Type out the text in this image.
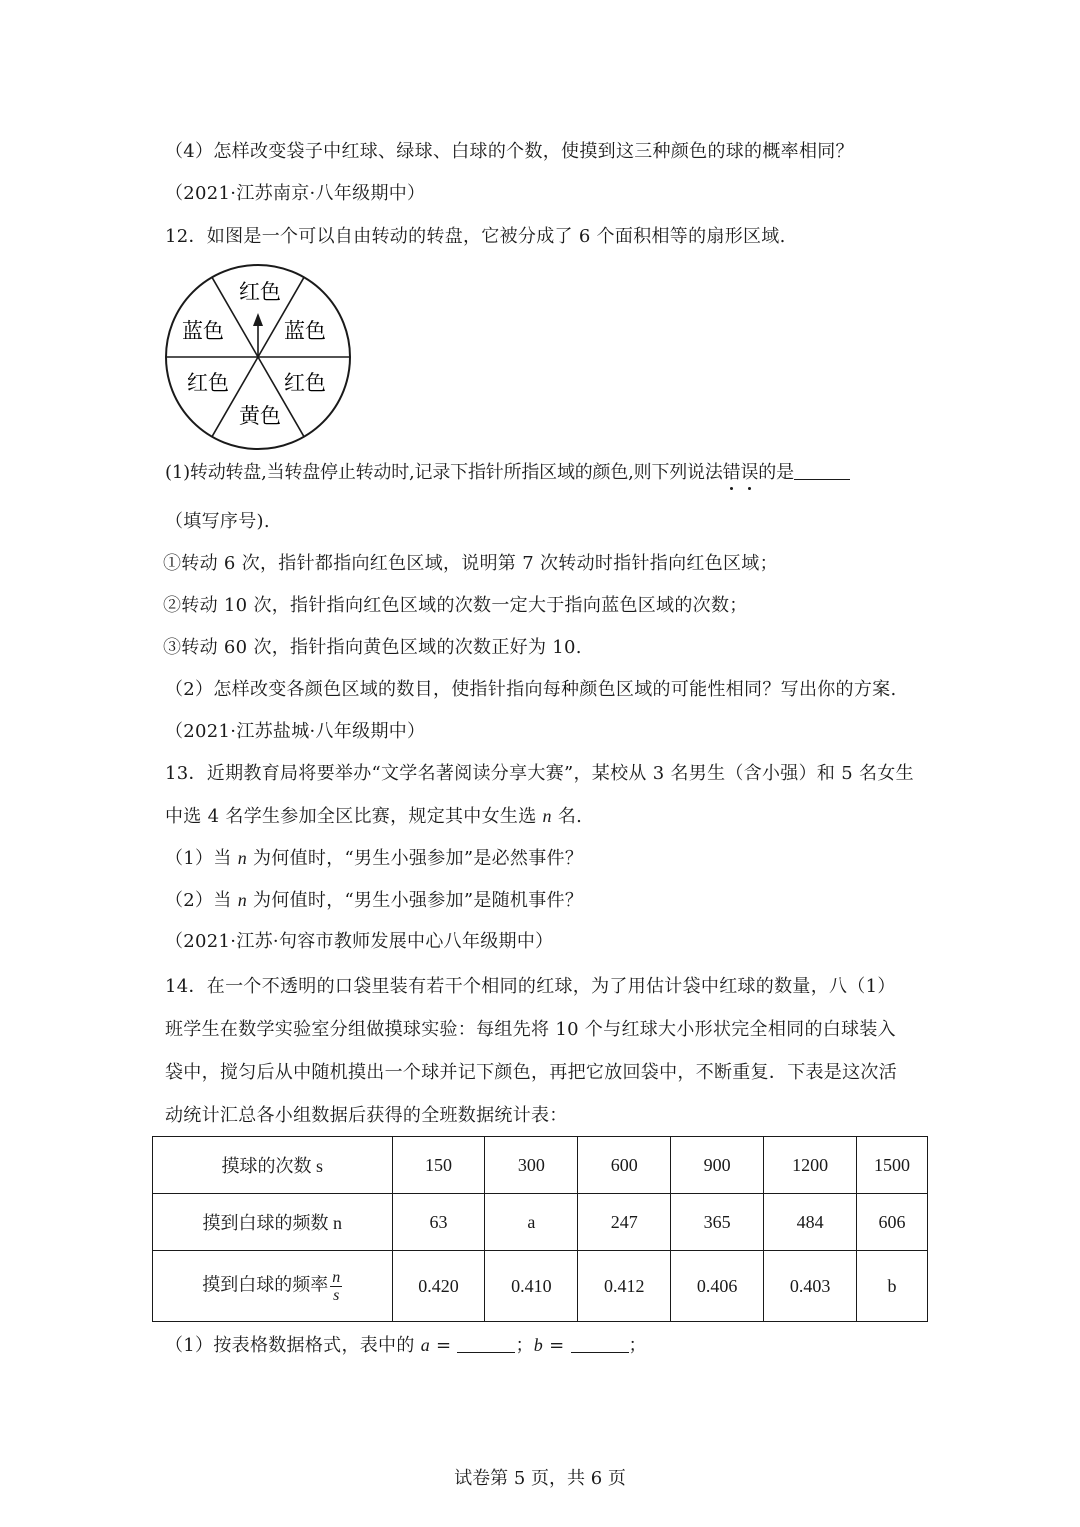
（4）怎样改变袋子中红球、绿球、白球的个数，使摸到这三种颜色的球的概率相同？
（2021·江苏南京·八年级期中）
12．如图是一个可以自由转动的转盘，它被分成了 6 个面积相等的扇形区域.
红色
蓝色
红色
黄色
红色
蓝色
(1)转动转盘,当转盘停止转动时,记录下指针所指区域的颜色,则下列说法错误的是
（填写序号).
①转动 6 次，指针都指向红色区域，说明第 7 次转动时指针指向红色区域；
②转动 10 次，指针指向红色区域的次数一定大于指向蓝色区域的次数；
③转动 60 次，指针指向黄色区域的次数正好为 10.
（2）怎样改变各颜色区域的数目，使指针指向每种颜色区域的可能性相同？写出你的方案.
（2021·江苏盐城·八年级期中）
13．近期教育局将要举办“文学名著阅读分享大赛”，某校从 3 名男生（含小强）和 5 名女生
中选 4 名学生参加全区比赛，规定其中女生选 n 名.
（1）当 n 为何值时，“男生小强参加”是必然事件？
（2）当 n 为何值时，“男生小强参加”是随机事件？
（2021·江苏·句容市教师发展中心八年级期中）
14．在一个不透明的口袋里装有若干个相同的红球，为了用估计袋中红球的数量，八（1）
班学生在数学实验室分组做摸球实验：每组先将 10 个与红球大小形状完全相同的白球装入
袋中，搅匀后从中随机摸出一个球并记下颜色，再把它放回袋中，不断重复．下表是这次活
动统计汇总各小组数据后获得的全班数据统计表：
摸球的次数 s	150	300	600	900	1200	1500
摸到白球的频数 n	63	a	247	365	484	606
摸到白球的频率 $\frac{n}{s}$	0.420	0.410	0.412	0.406	0.403	b
（1）按表格数据格式，表中的 a =	；b =	；
试卷第 5 页，共 6 页
